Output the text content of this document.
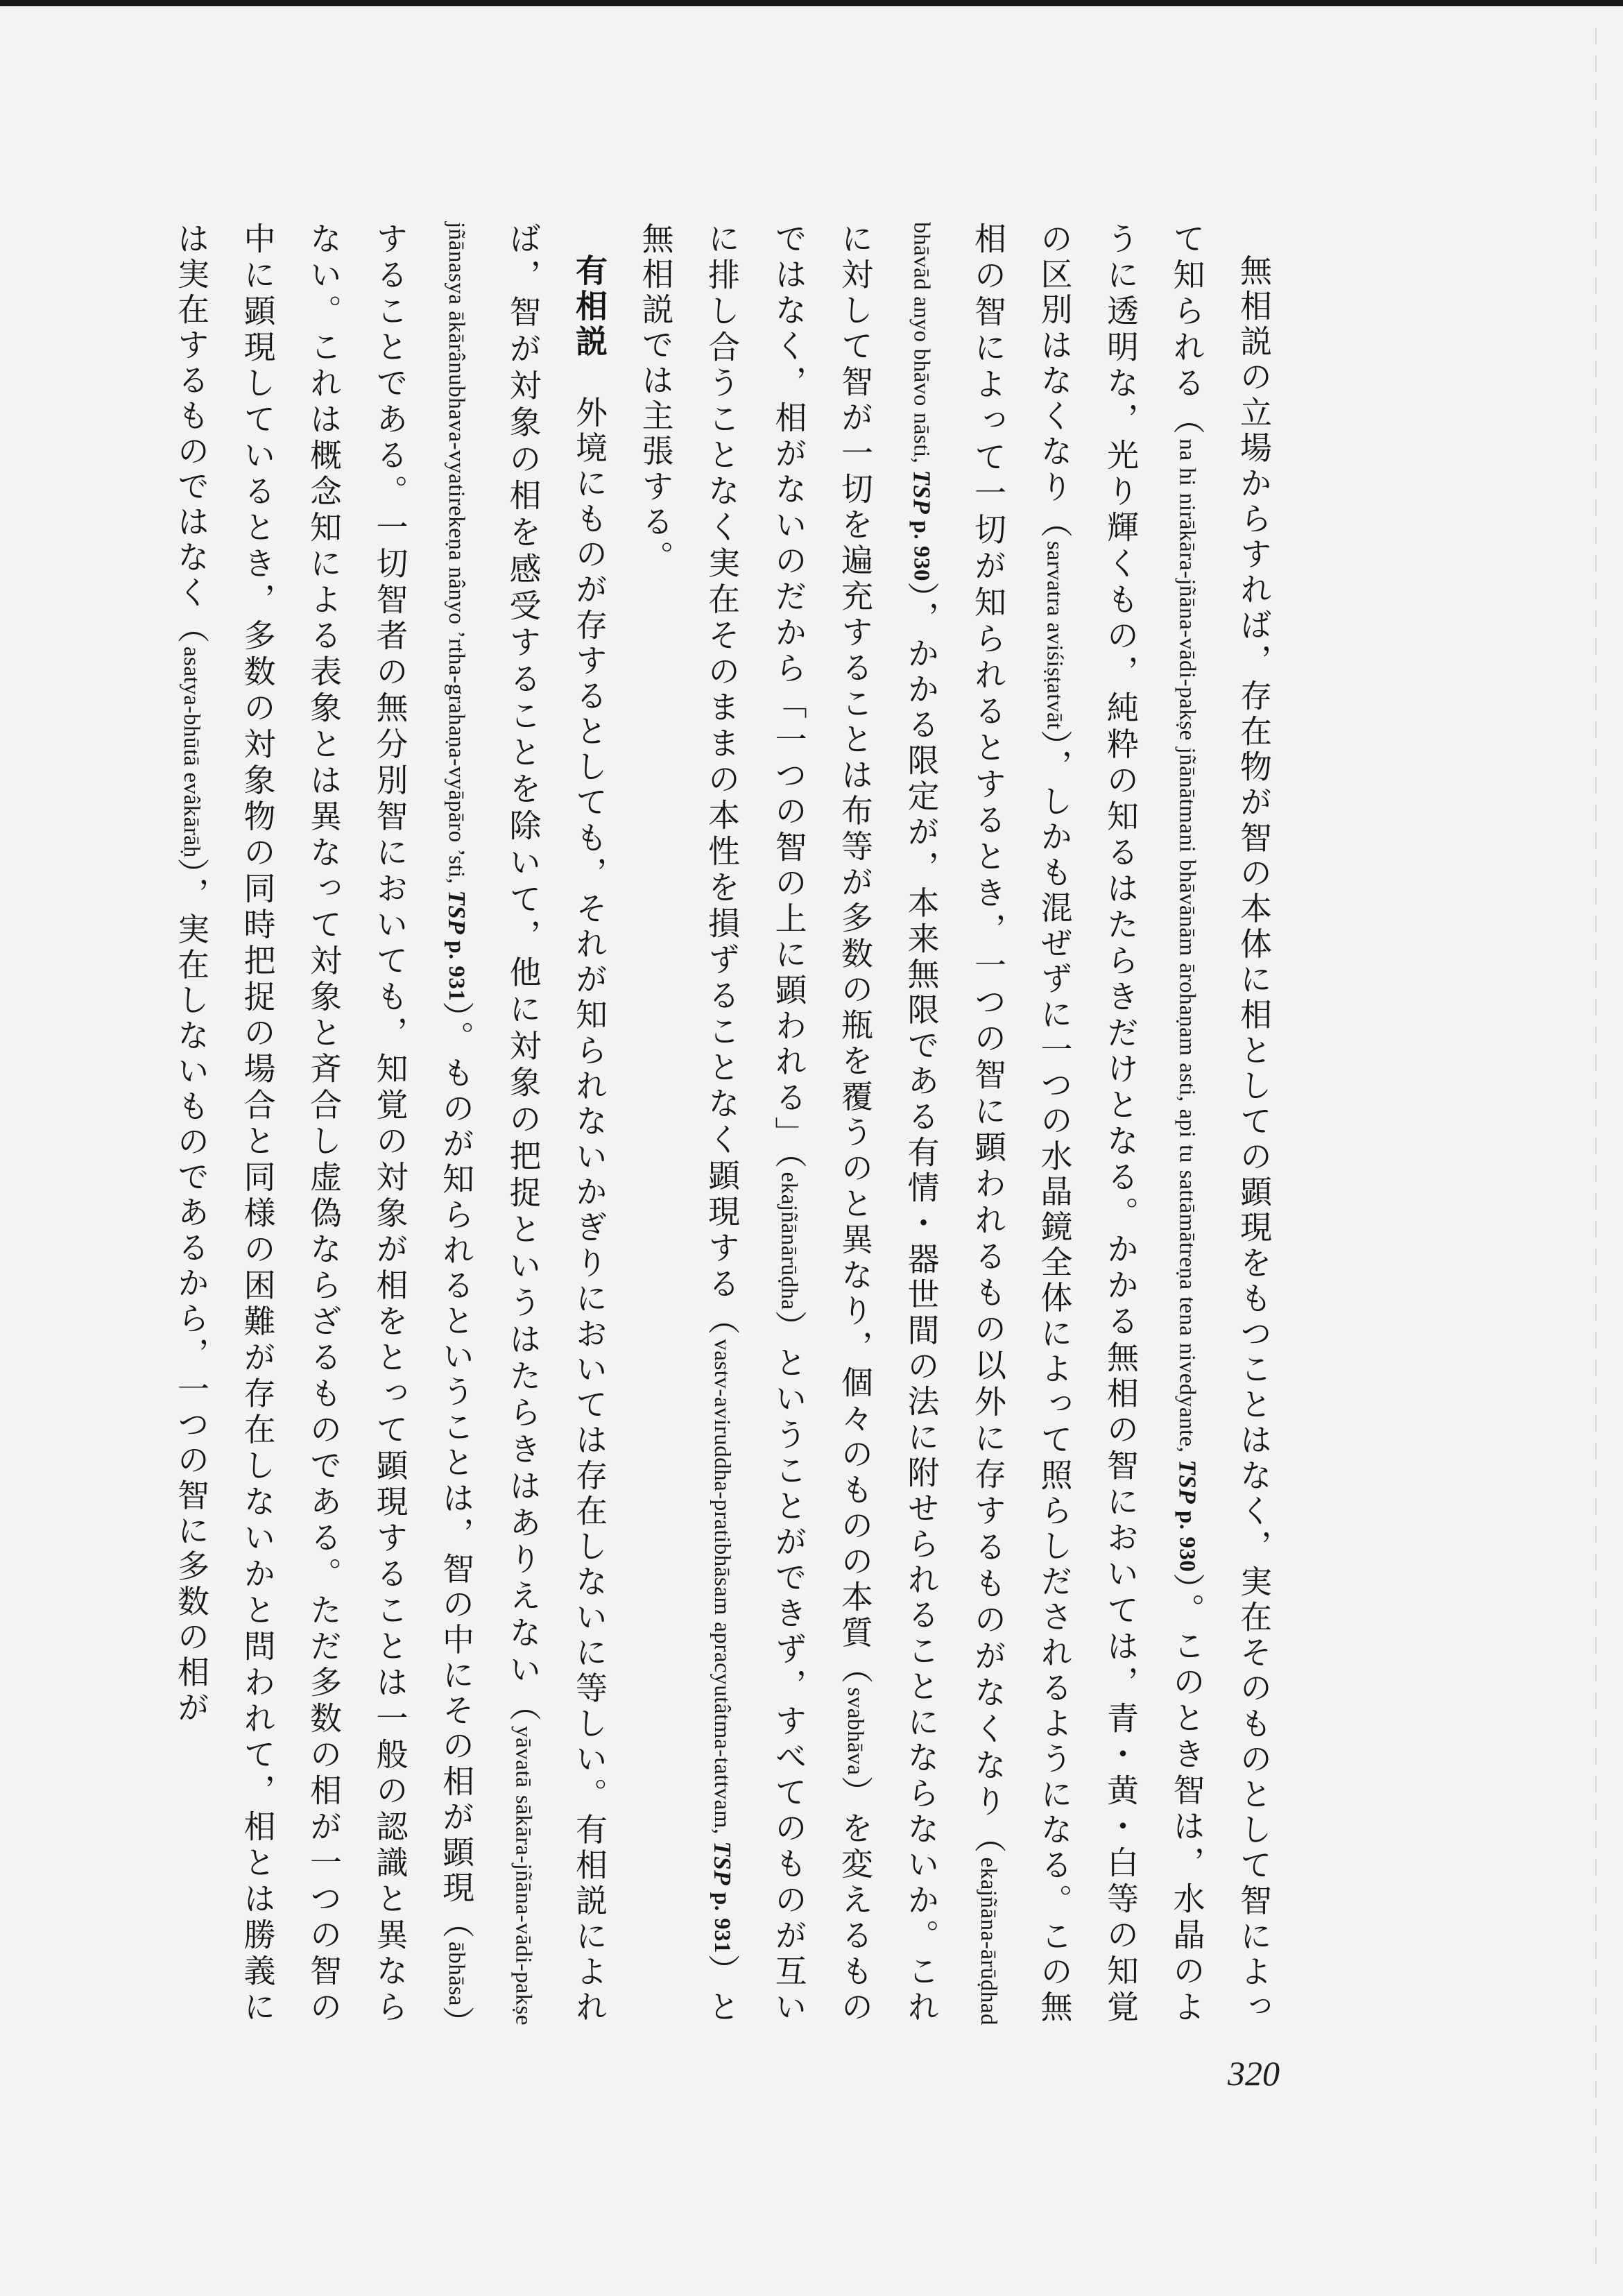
無相説の立場からすれば，存在物が智の本体に相としての顕現をもつことはなく，実在そのものとして智によって知られる（na hi nirākāra-jñāna-vādi-pakṣe jñānātmani bhāvānām ārohaṇam asti, api tu sattāmātreṇa tena nivedyante, TSP p. 930）。このとき智は，水晶のように透明な，光り輝くもの，純粋の知るはたらきだけとなる。かかる無相の智においては，青・黄・白等の知覚の区別はなくなり（sarvatra aviśiṣṭatvāt），しかも混ぜずに一つの水晶鏡全体によって照らしだされるようになる。この無相の智によって一切が知られるとするとき，一つの智に顕われるもの以外に存するものがなくなり（ekajñāna-ārūḍhad bhāvād anyo bhāvo nāsti, TSP p. 930），かかる限定が，本来無限である有情・器世間の法に附せられることにならないか。これに対して智が一切を遍充することは布等が多数の瓶を覆うのと異なり，個々のものの本質（svabhāva）を変えるものではなく，相がないのだから「一つの智の上に顕われる」（ekajñānārūḍha）ということができず，すべてのものが互いに排し合うことなく実在そのままの本性を損ずることなく顕現する（vastv-aviruddha-pratibhāsam apracyutâtma-tattvam, TSP p. 931）と無相説では主張する。

有相説　外境にものが存するとしても，それが知られないかぎりにおいては存在しないに等しい。有相説によれば，智が対象の相を感受することを除いて，他に対象の把捉というはたらきはありえない（yāvatā sākāra-jñāna-vādi-pakṣe jñānasya ākārânubhava-vyatirekeṇa nânyo ’rtha-grahaṇa-vyāpāro ’sti, TSP p. 931）。ものが知られるということは，智の中にその相が顕現（ābhāsa）することである。一切智者の無分別智においても，知覚の対象が相をとって顕現することは一般の認識と異ならない。これは概念知による表象とは異なって対象と斉合し虚偽ならざるものである。ただ多数の相が一つの智の中に顕現しているとき，多数の対象物の同時把捉の場合と同様の困難が存在しないかと問われて，相とは勝義には実在するものではなく（asatya-bhūtā evâkārāḥ），実在しないものであるから，一つの智に多数の相が

320
